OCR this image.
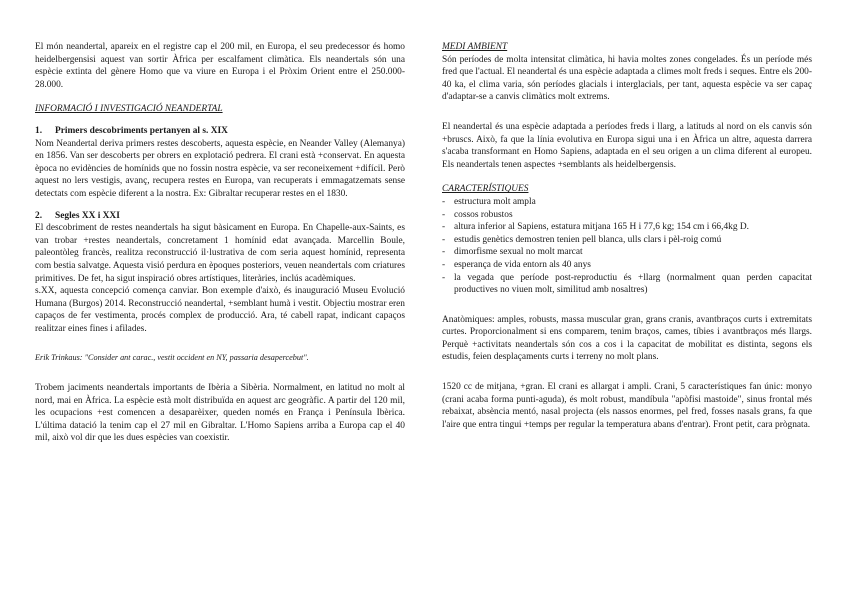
El món neandertal, apareix en el registre cap el 200 mil, en Europa, el seu predecessor és homo heidelbergensisi aquest van sortir Àfrica per escalfament climàtica. Els neandertals són una espècie extinta del gènere Homo que va viure en Europa i el Pròxim Orient entre el 250.000- 28.000.

INFORMACIÓ I INVESTIGACIÓ NEANDERTAL

1. Primers descobriments pertanyen al s. XIX

Nom Neandertal deriva primers restes descoberts, aquesta espècie, en Neander Valley (Alemanya) en 1856. Van ser descoberts per obrers en explotació pedrera. El crani està +conservat. En aquesta època no evidències de homínids que no fossin nostra espècie, va ser reconeixement +difícil. Però aquest no lers vestigis, avanç, recupera restes en Europa, van recuperats i emmagatzemats sense detectats com espècie diferent a la nostra. Ex: Gibraltar recuperar restes en el 1830.

2. Segles XX i XXI

El descobriment de restes neandertals ha sigut bàsicament en Europa. En Chapelle-aux-Saints, es van trobar +restes neandertals, concretament 1 homínid edat avançada. Marcellin Boule, paleontòleg francès, realitza reconstrucció il·lustrativa de com seria aquest homínid, representa com bestia salvatge. Aquesta visió perdura en èpoques posteriors, veuen neandertals com criatures primitives. De fet, ha sigut inspiració obres artístiques, literàries, inclús acadèmiques.

s.XX, aquesta concepció comença canviar. Bon exemple d'això, és inauguració Museu Evolució Humana (Burgos) 2014. Reconstrucció neandertal, +semblant humà i vestit. Objectiu mostrar eren capaços de fer vestimenta, procés complex de producció. Ara, té cabell rapat, indicant capaços realitzar eines fines i afilades.

Erik Trinkaus: "Consider ant carac., vestit occident en NY, passaria desapercebut".

Trobem jaciments neandertals importants de Ibèria a Sibèria. Normalment, en latitud no molt al nord, mai en Àfrica. La espècie està molt distribuïda en aquest arc geogràfic. A partir del 120 mil, les ocupacions +est comencen a desaparèixer, queden només en França i Península Ibèrica. L'última datació la tenim cap el 27 mil en Gibraltar. L'Homo Sapiens arriba a Europa cap el 40 mil, això vol dir que les dues espècies van coexistir.

MEDI AMBIENT

Són períodes de molta intensitat climàtica, hi havia moltes zones congelades. És un període més fred que l'actual. El neandertal és una espècie adaptada a climes molt freds i seques. Entre els 200-40 ka, el clima varia, són períodes glacials i interglacials, per tant, aquesta espècie va ser capaç d'adaptar-se a canvis climàtics molt extrems.

El neandertal és una espècie adaptada a períodes freds i llarg, a latituds al nord on els canvis són +bruscs. Això, fa que la línia evolutiva en Europa sigui una i en Àfrica un altre, aquesta darrera s'acaba transformant en Homo Sapiens, adaptada en el seu origen a un clima diferent al europeu. Els neandertals tenen aspectes +semblants als heidelbergensis.

CARACTERÍSTIQUES

- estructura molt ampla
- cossos robustos
- altura inferior al Sapiens, estatura mitjana 165 H i 77,6 kg; 154 cm i 66,4kg D.
- estudis genètics demostren tenien pell blanca, ulls clars i pèl-roig comú
- dimorfisme sexual no molt marcat
- esperança de vida entorn als 40 anys
- la vegada que període post-reproductiu és +llarg (normalment quan perden capacitat productives no viuen molt, similitud amb nosaltres)

Anatòmiques: amples, robusts, massa muscular gran, grans cranis, avantbraços curts i extremitats curtes. Proporcionalment si ens comparem, tenim braços, cames, tíbies i avantbraços més llargs. Perquè +activitats neandertals són cos a cos i la capacitat de mobilitat es distinta, segons els estudis, feien desplaçaments curts i terreny no molt plans.

1520 cc de mitjana, +gran. El crani es allargat i ampli. Crani, 5 característiques fan únic: monyo (crani acaba forma punti-aguda), és molt robust, mandíbula "apòfisi mastoide", sinus frontal més rebaixat, absència mentó, nasal projecta (els nassos enormes, pel fred, fosses nasals grans, fa que l'aire que entra tingui +temps per regular la temperatura abans d'entrar). Front petit, cara prògnata.
